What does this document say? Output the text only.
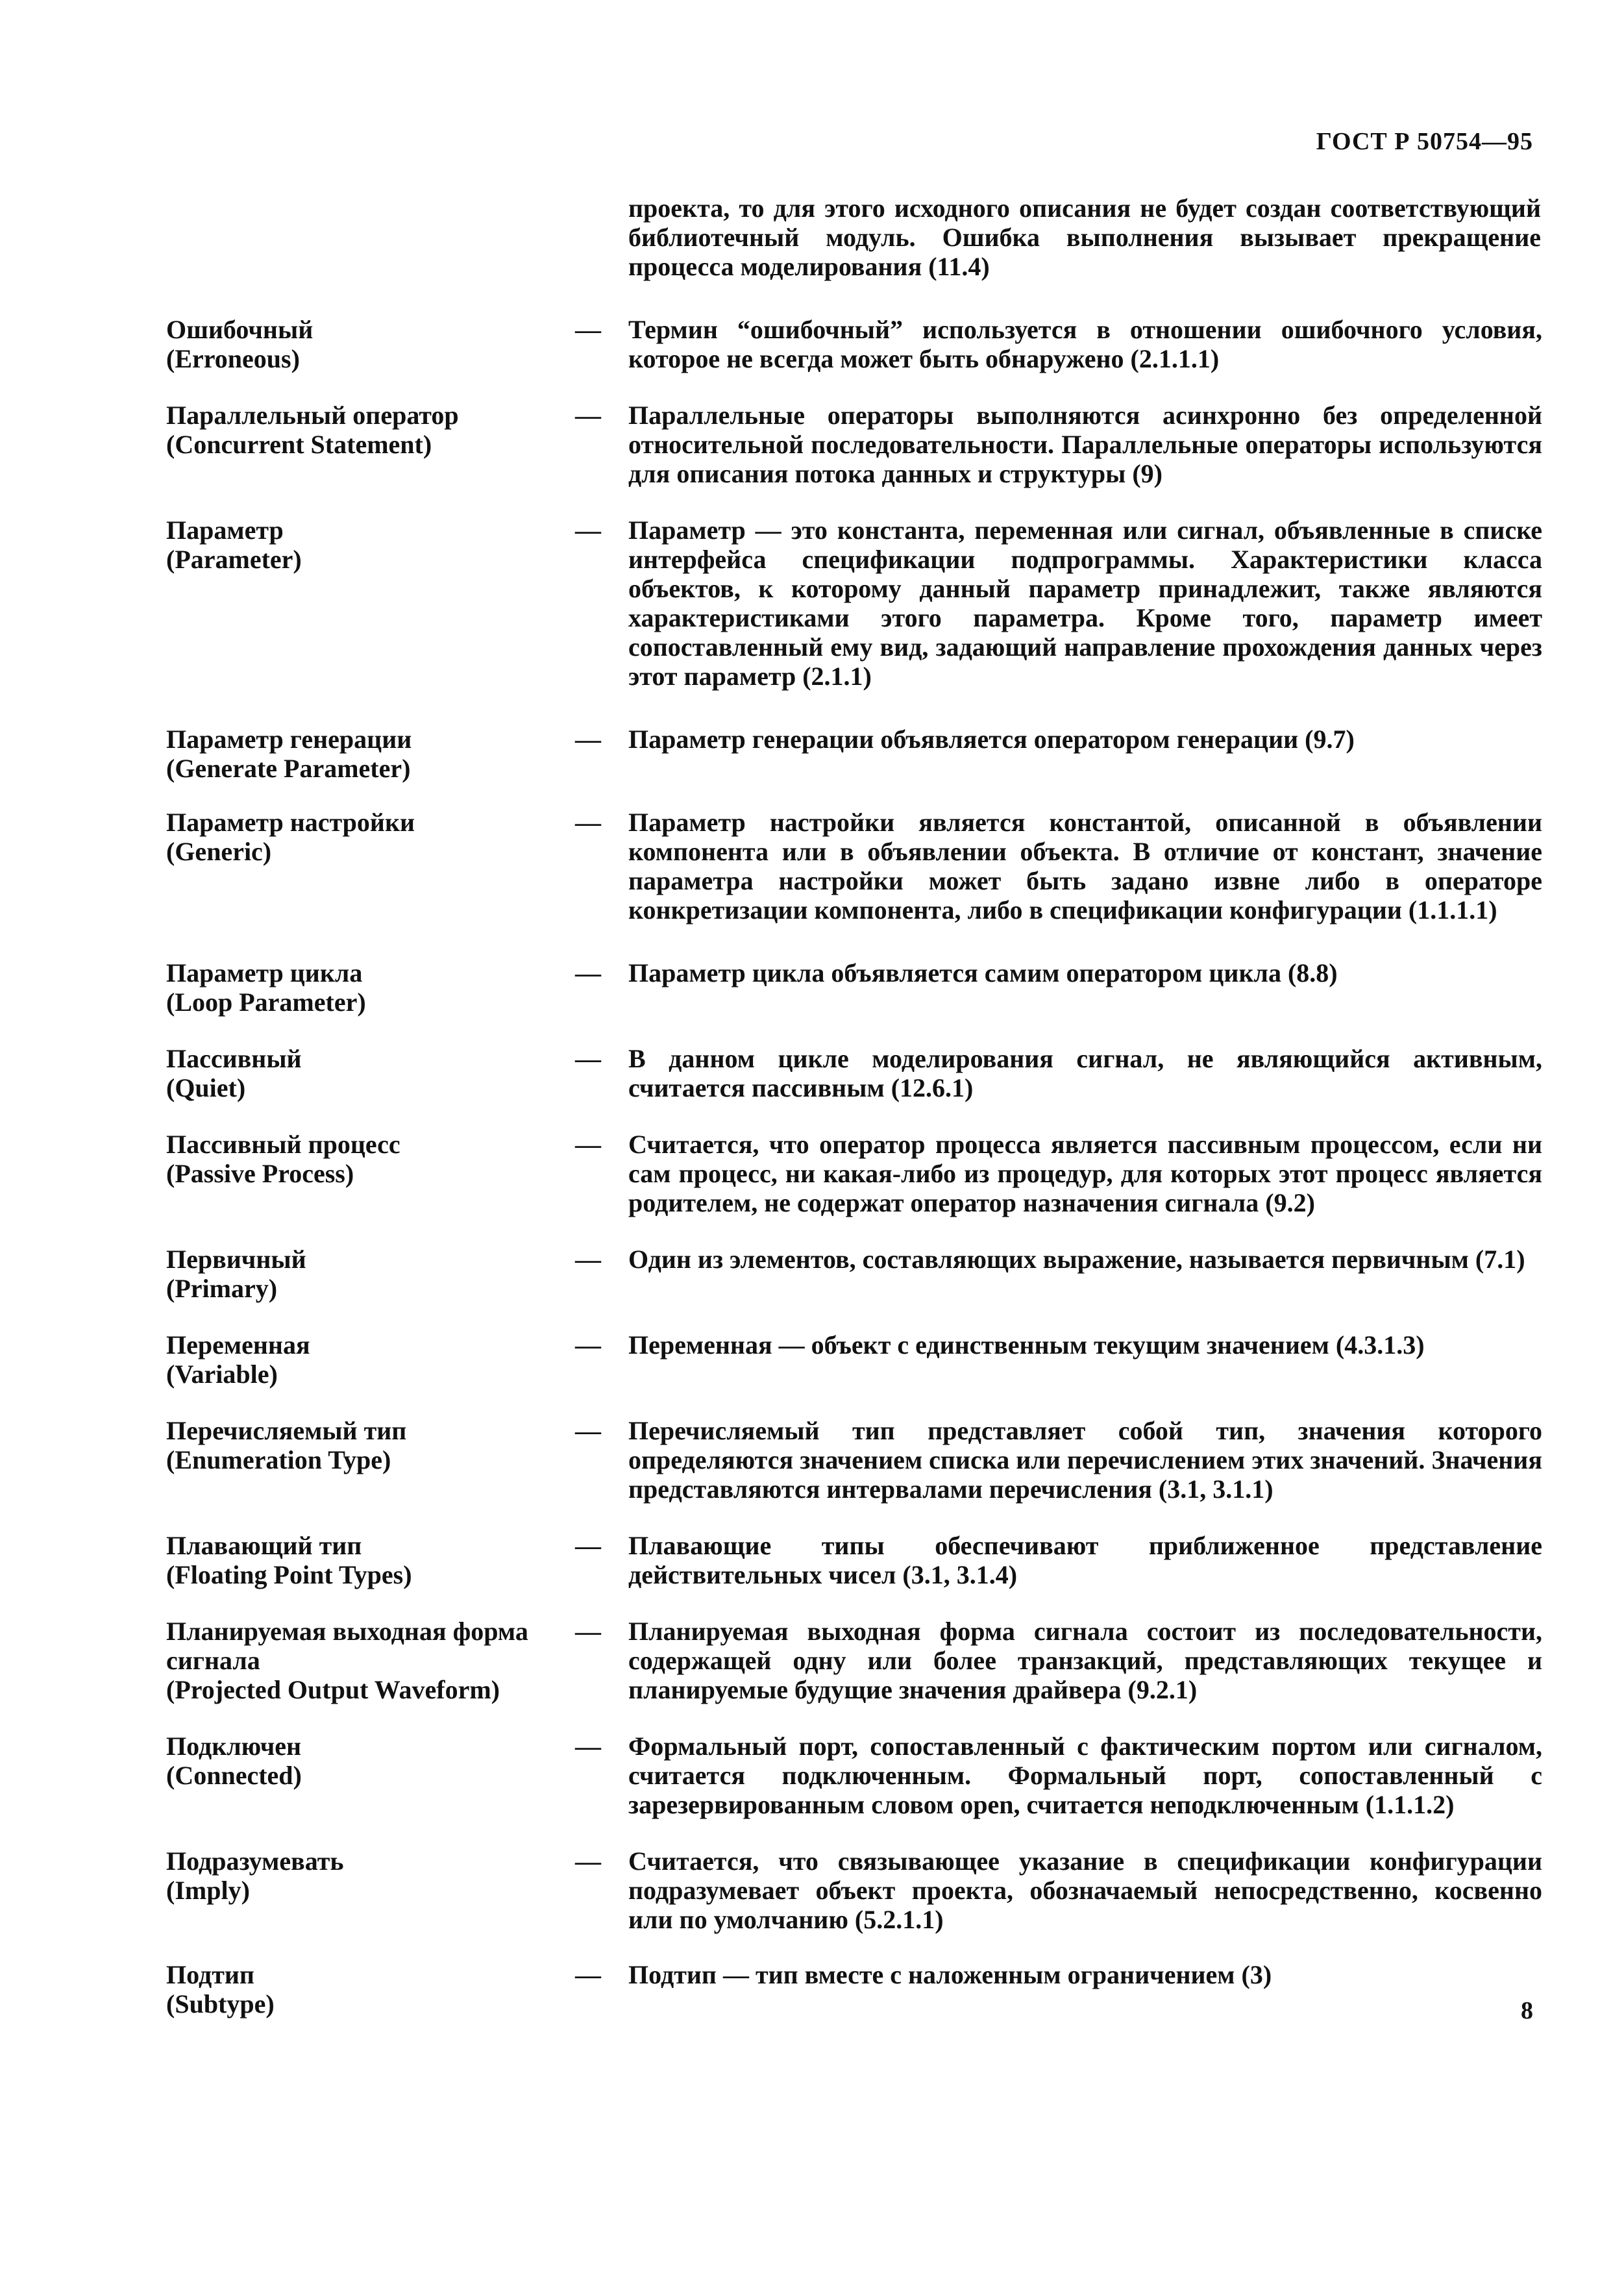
ГОСТ Р 50754—95
проекта, то для этого исходного описания не будет создан соответствующий библиотечный модуль. Ошибка выполнения вызывает прекращение процесса моделирования (11.4)
Ошибочный
(Erroneous)
—	Термин “ошибочный” используется в отношении ошибочного условия, которое не всегда может быть обнаружено (2.1.1.1)
Параллельный оператор
(Concurrent Statement)
—	Параллельные операторы выполняются асинхронно без определенной относительной последовательности. Параллельные операторы используются для описания потока данных и структуры (9)
Параметр
(Parameter)
—	Параметр — это константа, переменная или сигнал, объявленные в списке интерфейса спецификации подпрограммы. Характеристики класса объектов, к которому данный параметр принадлежит, также являются характеристиками этого параметра. Кроме того, параметр имеет сопоставленный ему вид, задающий направление прохождения данных через этот параметр (2.1.1)
Параметр генерации
(Generate Parameter)
—	Параметр генерации объявляется оператором генерации (9.7)
Параметр настройки
(Generic)
—	Параметр настройки является константой, описанной в объявлении компонента или в объявлении объекта. В отличие от констант, значение параметра настройки может быть задано извне либо в операторе конкретизации компонента, либо в спецификации конфигурации (1.1.1.1)
Параметр цикла
(Loop Parameter)
—	Параметр цикла объявляется самим оператором цикла (8.8)
Пассивный
(Quiet)
—	В данном цикле моделирования сигнал, не являющийся активным, считается пассивным (12.6.1)
Пассивный процесс
(Passive Process)
—	Считается, что оператор процесса является пассивным процессом, если ни сам процесс, ни какая-либо из процедур, для которых этот процесс является родителем, не содержат оператор назначения сигнала (9.2)
Первичный
(Primary)
—	Один из элементов, составляющих выражение, называется первичным (7.1)
Переменная
(Variable)
—	Переменная — объект с единственным текущим значением (4.3.1.3)
Перечисляемый тип
(Enumeration Type)
—	Перечисляемый тип представляет собой тип, значения которого определяются значением списка или перечислением этих значений. Значения представляются интервалами перечисления (3.1, 3.1.1)
Плавающий тип
(Floating Point Types)
—	Плавающие типы обеспечивают приближенное представление действительных чисел (3.1, 3.1.4)
Планируемая выходная форма сигнала
(Projected Output Waveform)
—	Планируемая выходная форма сигнала состоит из последовательности, содержащей одну или более транзакций, представляющих текущее и планируемые будущие значения драйвера (9.2.1)
Подключен
(Connected)
—	Формальный порт, сопоставленный с фактическим портом или сигналом, считается подключенным. Формальный порт, сопоставленный с зарезервированным словом open, считается неподключенным (1.1.1.2)
Подразумевать
(Imply)
—	Считается, что связывающее указание в спецификации конфигурации подразумевает объект проекта, обозначаемый непосредственно, косвенно или по умолчанию (5.2.1.1)
Подтип
(Subtype)
—	Подтип — тип вместе с наложенным ограничением (3)
8
